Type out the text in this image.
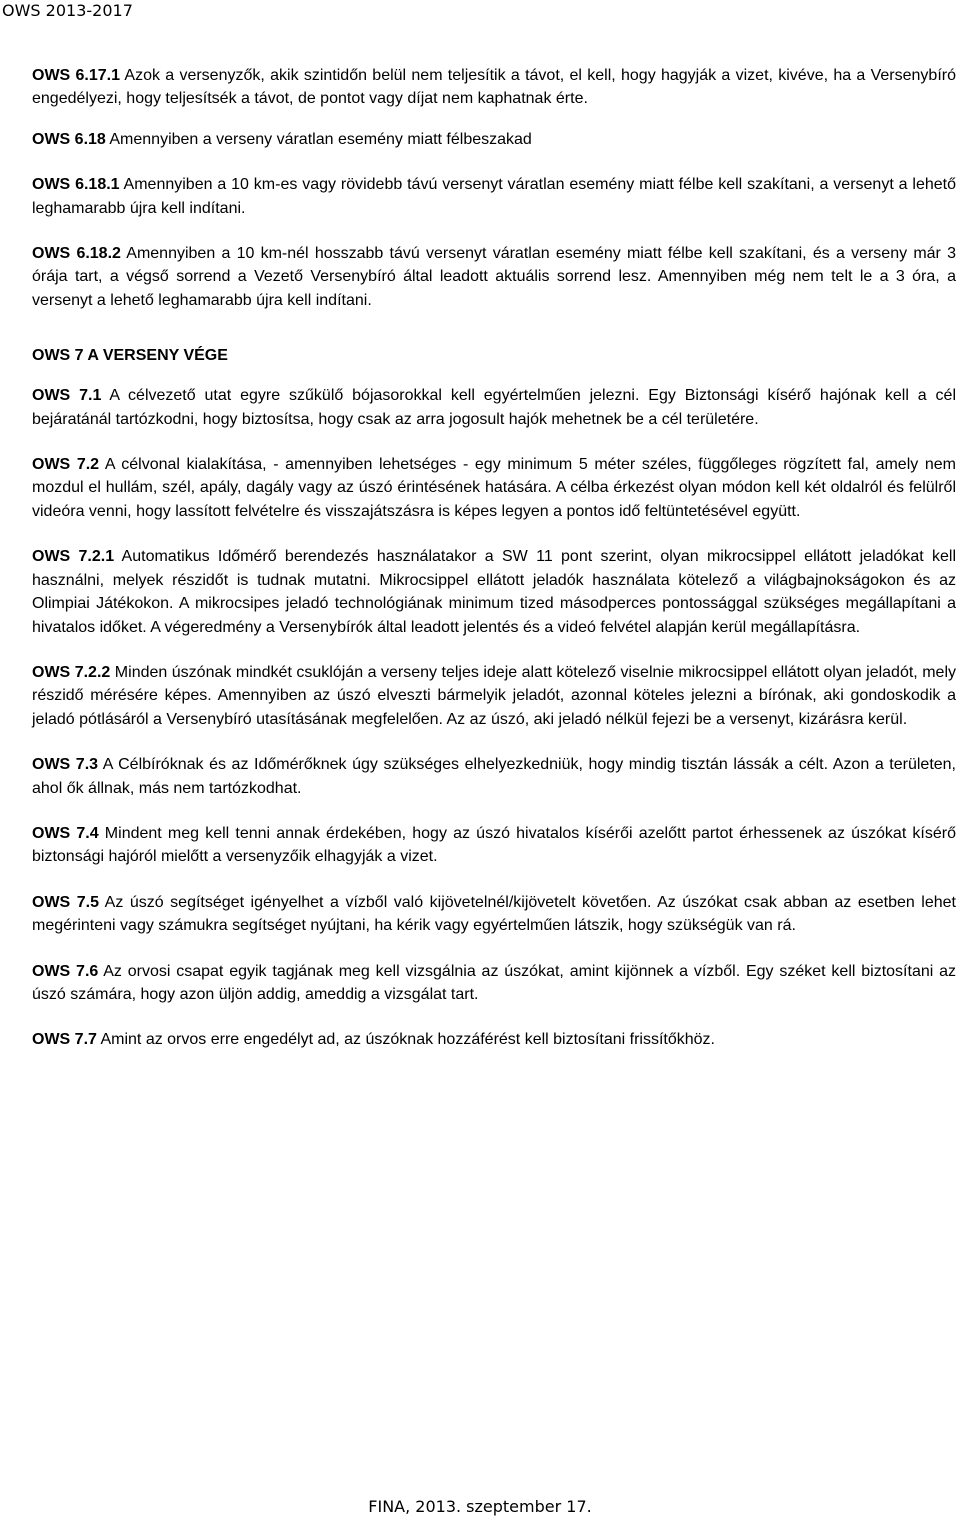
OWS 2013-2017

OWS 6.17.1 Azok a versenyzők, akik szintidőn belül nem teljesítik a távot, el kell, hogy hagyják a vizet, kivéve, ha a Versenybíró engedélyezi, hogy teljesítsék a távot, de pontot vagy díjat nem kaphatnak érte.

OWS 6.18 Amennyiben a verseny váratlan esemény miatt félbeszakad

OWS 6.18.1 Amennyiben a 10 km-es vagy rövidebb távú versenyt váratlan esemény miatt félbe kell szakítani, a versenyt a lehető leghamarabb újra kell indítani.

OWS 6.18.2 Amennyiben a 10 km-nél hosszabb távú versenyt váratlan esemény miatt félbe kell szakítani, és a verseny már 3 órája tart, a végső sorrend a Vezető Versenybíró által leadott aktuális sorrend lesz. Amennyiben még nem telt le a 3 óra, a versenyt a lehető leghamarabb újra kell indítani.

OWS 7 A VERSENY VÉGE

OWS 7.1 A célvezető utat egyre szűkülő bójasorokkal kell egyértelműen jelezni. Egy Biztonsági kísérő hajónak kell a cél bejáratánál tartózkodni, hogy biztosítsa, hogy csak az arra jogosult hajók mehetnek be a cél területére.

OWS 7.2 A célvonal kialakítása, - amennyiben lehetséges - egy minimum 5 méter széles, függőleges rögzített fal, amely nem mozdul el hullám, szél, apály, dagály vagy az úszó érintésének hatására. A célba érkezést olyan módon kell két oldalról és felülről videóra venni, hogy lassított felvételre és visszajátszásra is képes legyen a pontos idő feltüntetésével együtt.

OWS 7.2.1 Automatikus Időmérő berendezés használatakor a SW 11 pont szerint, olyan mikrocsippel ellátott jeladókat kell használni, melyek részidőt is tudnak mutatni. Mikrocsippel ellátott jeladók használata kötelező a világbajnokságokon és az Olimpiai Játékokon. A mikrocsipes jeladó technológiának minimum tized másodperces pontossággal szükséges megállapítani a hivatalos időket. A végeredmény a Versenybírók által leadott jelentés és a videó felvétel alapján kerül megállapításra.

OWS 7.2.2 Minden úszónak mindkét csuklóján a verseny teljes ideje alatt kötelező viselnie mikrocsippel ellátott olyan jeladót, mely részidő mérésére képes. Amennyiben az úszó elveszti bármelyik jeladót, azonnal köteles jelezni a bírónak, aki gondoskodik a jeladó pótlásáról a Versenybíró utasításának megfelelően. Az az úszó, aki jeladó nélkül fejezi be a versenyt, kizárásra kerül.

OWS 7.3 A Célbíróknak és az Időmérőknek úgy szükséges elhelyezkedniük, hogy mindig tisztán lássák a célt. Azon a területen, ahol ők állnak, más nem tartózkodhat.

OWS 7.4 Mindent meg kell tenni annak érdekében, hogy az úszó hivatalos kísérői azelőtt partot érhessenek az úszókat kísérő biztonsági hajóról mielőtt a versenyzőik elhagyják a vizet.

OWS 7.5 Az úszó segítséget igényelhet a vízből való kijövetelnél/kijövetelt követően. Az úszókat csak abban az esetben lehet megérinteni vagy számukra segítséget nyújtani, ha kérik vagy egyértelműen látszik, hogy szükségük van rá.

OWS 7.6 Az orvosi csapat egyik tagjának meg kell vizsgálnia az úszókat, amint kijönnek a vízből. Egy széket kell biztosítani az úszó számára, hogy azon üljön addig, ameddig a vizsgálat tart.

OWS 7.7 Amint az orvos erre engedélyt ad, az úszóknak hozzáférést kell biztosítani frissítőkhöz.

FINA, 2013. szeptember 17.
